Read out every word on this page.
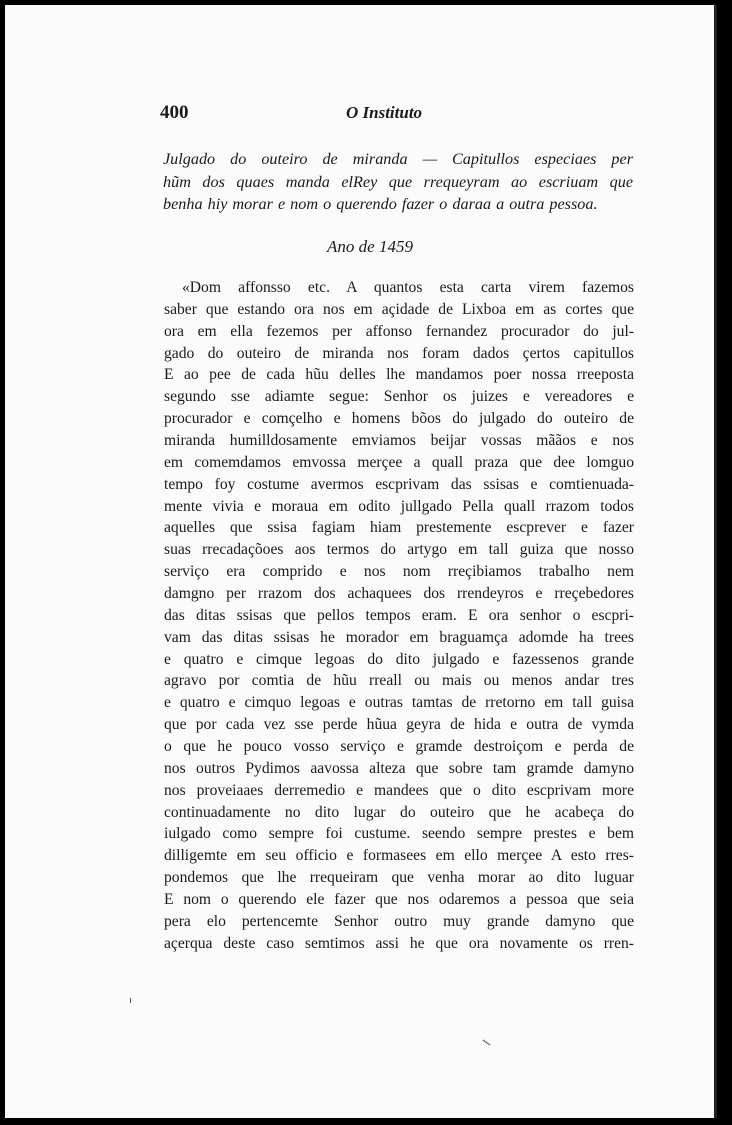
400	O Instituto
Julgado do outeiro de miranda — Capitullos especiaes per
hũm dos quaes manda elRey que rrequeyram ao escriuam que
benha hiy morar e nom o querendo fazer o daraa a outra pessoa.
Ano de 1459
«Dom affonsso etc. A quantos esta carta virem fazemos
saber que estando ora nos em açidade de Lixboa em as cortes que
ora em ella fezemos per affonso fernandez procurador do jul-
gado do outeiro de miranda nos foram dados çertos capitullos
E ao pee de cada hũu delles lhe mandamos poer nossa rreeposta
segundo sse adiamte segue: Senhor os juizes e vereadores e
procurador e comçelho e homens bõos do julgado do outeiro de
miranda humilldosamente emviamos beijar vossas mããos e nos
em comemdamos emvossa merçee a quall praza que dee lomguo
tempo foy costume avermos escprivam das ssisas e comtienuada-
mente vivia e moraua em odito jullgado Pella quall rrazom todos
aquelles que ssisa fagiam hiam prestemente escprever e fazer
suas rrecadaçõoes aos termos do artygo em tall guiza que nosso
serviço era comprido e nos nom rreçibiamos trabalho nem
damgno per rrazom dos achaquees dos rrendeyros e rreçebedores
das ditas ssisas que pellos tempos eram. E ora senhor o escpri-
vam das ditas ssisas he morador em braguamça adomde ha trees
e quatro e cimque legoas do dito julgado e fazessenos grande
agravo por comtia de hũu rreall ou mais ou menos andar tres
e quatro e cimquo legoas e outras tamtas de rretorno em tall guisa
que por cada vez sse perde hũua geyra de hida e outra de vymda
o que he pouco vosso serviço e gramde destroiçom e perda de
nos outros Pydimos aavossa alteza que sobre tam gramde damyno
nos proveiaaes derremedio e mandees que o dito escprivam more
continuadamente no dito lugar do outeiro que he acabeça do
iulgado como sempre foi custume. seendo sempre prestes e bem
dilligemte em seu officio e formasees em ello merçee A esto rres-
pondemos que lhe rrequeiram que venha morar ao dito luguar
E nom o querendo ele fazer que nos odaremos a pessoa que seia
pera elo pertencemte Senhor outro muy grande damyno que
açerqua deste caso semtimos assi he que ora novamente os rren-
